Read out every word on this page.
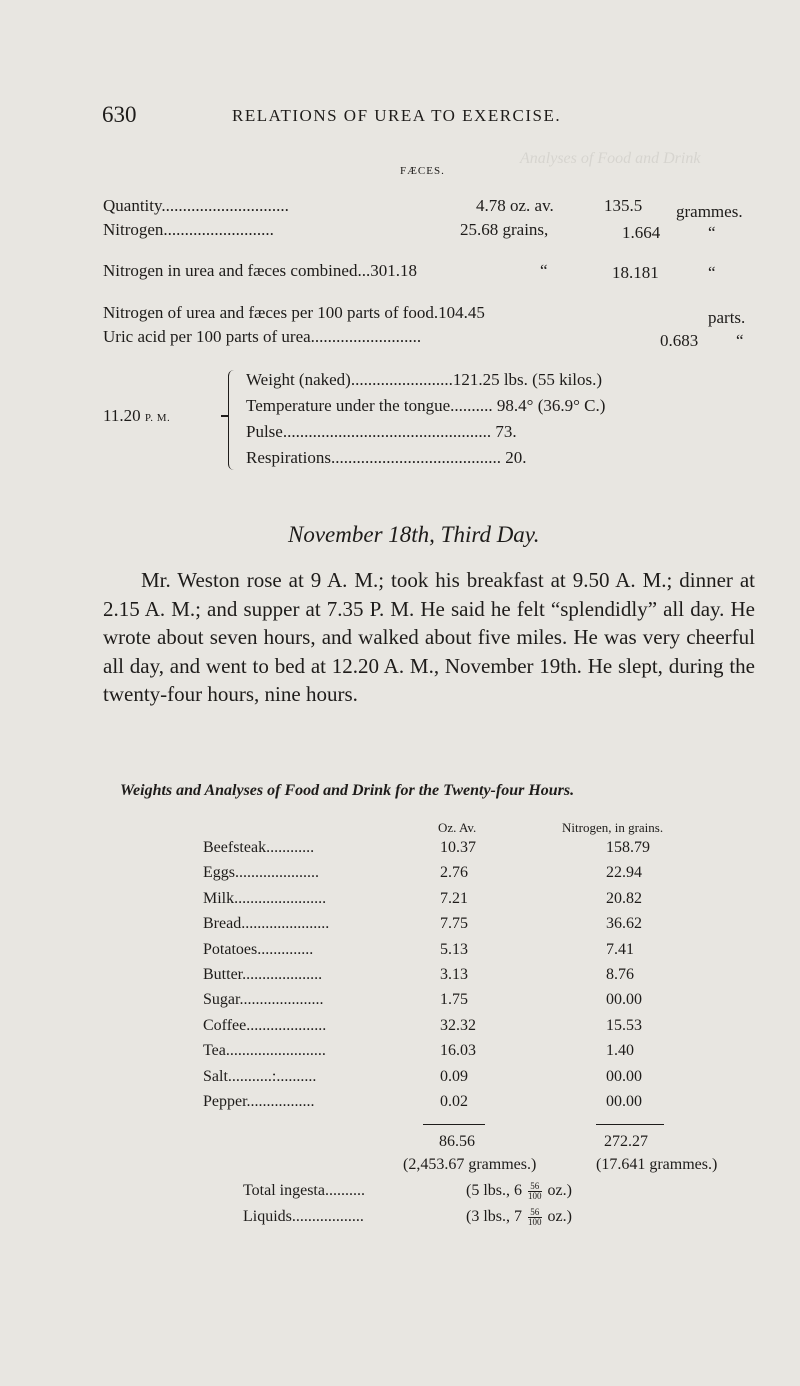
Analyses of Food and Drink
630	RELATIONS OF UREA TO EXERCISE.
FÆCES.
Quantity..............................	4.78 oz. av.	135.5 grammes.
Nitrogen..........................	25.68 grains,	1.664	“
Nitrogen in urea and fæces combined...301.18	“	18.181	“
Nitrogen of urea and fæces per 100 parts of food.104.45	parts.
Uric acid per 100 parts of urea..........................	0.683 “
11.20 P. M.
Weight (naked)........................121.25 lbs. (55 kilos.)
Temperature under the tongue.......... 98.4° (36.9° C.)
Pulse................................................. 73.
Respirations........................................ 20.
November 18th, Third Day.

Mr. Weston rose at 9 A. M.; took his breakfast at 9.50 A. M.; dinner at 2.15 A. M.; and supper at 7.35 P. M. He said he felt “splendidly” all day. He wrote about seven hours, and walked about five miles. He was very cheerful all day, and went to bed at 12.20 A. M., November 19th. He slept, during the twenty-four hours, nine hours.

Weights and Analyses of Food and Drink for the Twenty-four Hours.
Oz. Av.	Nitrogen, in grains.
Beefsteak............	10.37	158.79
Eggs.....................	2.76	22.94
Milk.......................	7.21	20.82
Bread......................	7.75	36.62
Potatoes..............	5.13	7.41
Butter....................	3.13	8.76
Sugar.....................	1.75	00.00
Coffee....................	32.32	15.53
Tea.........................	16.03	1.40
Salt...........:..........	0.09	00.00
Pepper.................	0.02	00.00
86.56	272.27
(2,453.67 grammes.)	(17.641 grammes.)
Total ingesta..........	(5 lbs., $6 \frac{56}{100} oz$.)
Liquids..................	(3 lbs., $7 \frac{56}{100} oz$.)
